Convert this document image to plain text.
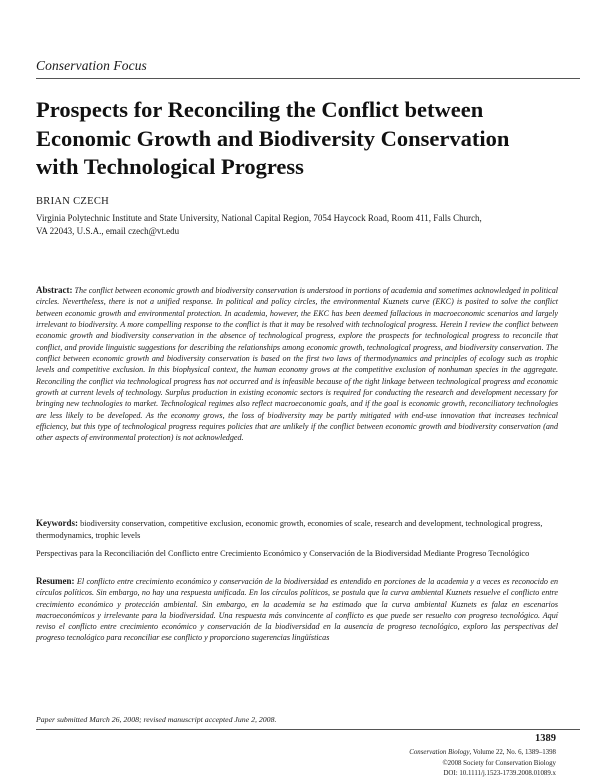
Conservation Focus
Prospects for Reconciling the Conflict between
Economic Growth and Biodiversity Conservation
with Technological Progress
BRIAN CZECH
Virginia Polytechnic Institute and State University, National Capital Region, 7054 Haycock Road, Room 411, Falls Church,
VA 22043, U.S.A., email czech@vt.edu

Abstract: The conflict between economic growth and biodiversity conservation is understood in portions of academia and sometimes acknowledged in political circles. Nevertheless, there is not a unified response. In political and policy circles, the environmental Kuznets curve (EKC) is posited to solve the conflict between economic growth and environmental protection. In academia, however, the EKC has been deemed fallacious in macroeconomic scenarios and largely irrelevant to biodiversity. A more compelling response to the conflict is that it may be resolved with technological progress. Herein I review the conflict between economic growth and biodiversity conservation in the absence of technological progress, explore the prospects for technological progress to reconcile that conflict, and provide linguistic suggestions for describing the relationships among economic growth, technological progress, and biodiversity conservation. The conflict between economic growth and biodiversity conservation is based on the first two laws of thermodynamics and principles of ecology such as trophic levels and competitive exclusion. In this biophysical context, the human economy grows at the competitive exclusion of nonhuman species in the aggregate. Reconciling the conflict via technological progress has not occurred and is infeasible because of the tight linkage between technological progress and economic growth at current levels of technology. Surplus production in existing economic sectors is required for conducting the research and development necessary for bringing new technologies to market. Technological regimes also reflect macroeconomic goals, and if the goal is economic growth, reconciliatory technologies are less likely to be developed. As the economy grows, the loss of biodiversity may be partly mitigated with end-use innovation that increases technical efficiency, but this type of technological progress requires policies that are unlikely if the conflict between economic growth and biodiversity conservation (and other aspects of environmental protection) is not acknowledged.

Keywords: biodiversity conservation, competitive exclusion, economic growth, economies of scale, research and development, technological progress, thermodynamics, trophic levels

Perspectivas para la Reconciliación del Conflicto entre Crecimiento Económico y Conservación de la Biodiversidad Mediante Progreso Tecnológico

Resumen: El conflicto entre crecimiento económico y conservación de la biodiversidad es entendido en porciones de la academia y a veces es reconocido en círculos políticos. Sin embargo, no hay una respuesta unificada. En los círculos políticos, se postula que la curva ambiental Kuznets resuelve el conflicto entre crecimiento económico y protección ambiental. Sin embargo, en la academia se ha estimado que la curva ambiental Kuznets es falaz en escenarios macroeconómicos y irrelevante para la biodiversidad. Una respuesta más convincente al conflicto es que puede ser resuelto con progreso tecnológico. Aquí reviso el conflicto entre crecimiento económico y conservación de la biodiversidad en la ausencia de progreso tecnológico, exploro las perspectivas del progreso tecnológico para reconciliar ese conflicto y proporciono sugerencias lingüísticas

Paper submitted March 26, 2008; revised manuscript accepted June 2, 2008.
1389
Conservation Biology, Volume 22, No. 6, 1389–1398
©2008 Society for Conservation Biology
DOI: 10.1111/j.1523-1739.2008.01089.x
